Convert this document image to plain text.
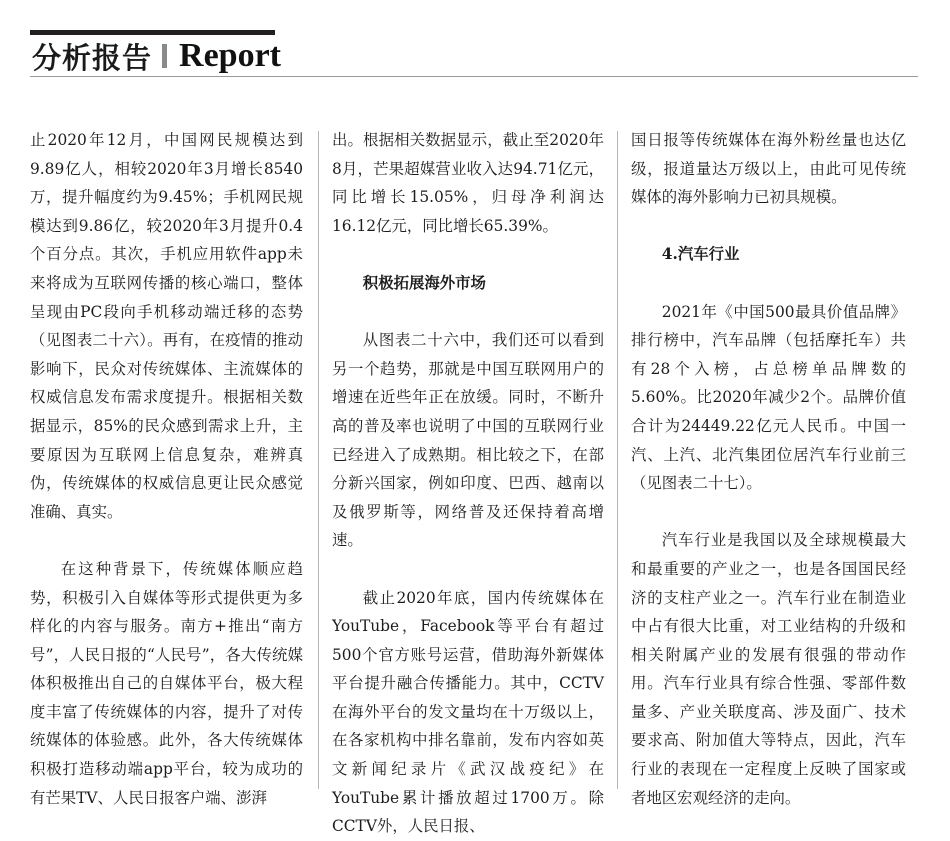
分析报告 Report

止2020年12月，中国网民规模达到9.89亿人，相较2020年3月增长8540万，提升幅度约为9.45%；手机网民规模达到9.86亿，较2020年3月提升0.4个百分点。其次，手机应用软件app未来将成为互联网传播的核心端口，整体呈现由PC段向手机移动端迁移的态势（见图表二十六）。再有，在疫情的推动影响下，民众对传统媒体、主流媒体的权威信息发布需求度提升。根据相关数据显示，85%的民众感到需求上升，主要原因为互联网上信息复杂，难辨真伪，传统媒体的权威信息更让民众感觉准确、真实。

在这种背景下，传统媒体顺应趋势，积极引入自媒体等形式提供更为多样化的内容与服务。南方+推出“南方号”，人民日报的“人民号”，各大传统媒体积极推出自己的自媒体平台，极大程度丰富了传统媒体的内容，提升了对传统媒体的体验感。此外，各大传统媒体积极打造移动端app平台，较为成功的有芒果TV、人民日报客户端、澎湃

出。根据相关数据显示，截止至2020年8月，芒果超媒营业收入达94.71亿元，同比增长15.05%，归母净利润达16.12亿元，同比增长65.39%。

积极拓展海外市场

从图表二十六中，我们还可以看到另一个趋势，那就是中国互联网用户的增速在近些年正在放缓。同时，不断升高的普及率也说明了中国的互联网行业已经进入了成熟期。相比较之下，在部分新兴国家，例如印度、巴西、越南以及俄罗斯等，网络普及还保持着高增速。

截止2020年底，国内传统媒体在YouTube，Facebook等平台有超过500个官方账号运营，借助海外新媒体平台提升融合传播能力。其中，CCTV在海外平台的发文量均在十万级以上，在各家机构中排名靠前，发布内容如英文新闻纪录片《武汉战疫纪》在YouTube累计播放超过1700万。除CCTV外，人民日报、

国日报等传统媒体在海外粉丝量也达亿级，报道量达万级以上，由此可见传统媒体的海外影响力已初具规模。

4.汽车行业

2021年《中国500最具价值品牌》排行榜中，汽车品牌（包括摩托车）共有28个入榜，占总榜单品牌数的5.60%。比2020年减少2个。品牌价值合计为24449.22亿元人民币。中国一汽、上汽、北汽集团位居汽车行业前三（见图表二十七）。

汽车行业是我国以及全球规模最大和最重要的产业之一，也是各国国民经济的支柱产业之一。汽车行业在制造业中占有很大比重，对工业结构的升级和相关附属产业的发展有很强的带动作用。汽车行业具有综合性强、零部件数量多、产业关联度高、涉及面广、技术要求高、附加值大等特点，因此，汽车行业的表现在一定程度上反映了国家或者地区宏观经济的走向。
